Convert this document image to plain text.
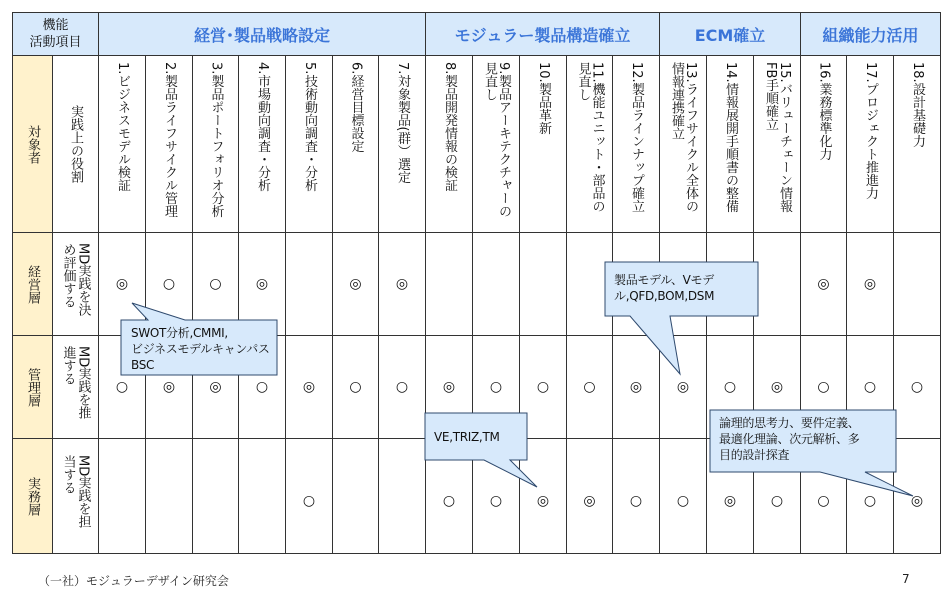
◎
○
○
○
◎
○
○
◎
◎
○
○
○
MD実践を担当する
実務層
○
○
○
◎
○
◎
◎
○
○
○
◎
○
○
◎
○
◎
◎
○
MD実践を推進する
管理層
◎
◎
◎
◎
◎
○
○
◎
MD実践を決め評価する
経営層
18.設計基礎力
17.プロジェクト推進力
16.業務標準化力
15.バリューチェーン情報FB手順確立
14.情報展開手順書の整備
13.ライフサイクル全体の情報連携確立
12.製品ラインナップ確立
11.機能ユニット・部品の見直し
10.製品革新
9.製品アーキテクチャーの見直し
8.製品開発情報の検証
7.対象製品(群）選定
6.経営目標設定
5.技術動向調査・分析
4.市場動向調査・分析
3.製品ポートフォリオ分析
2.製品ライフサイクル管理
1.ビジネスモデル検証
実践上の役割
対象者
組織能力活用
ECM確立
モジュラー製品構造確立
経営･製品戦略設定
機能
活動項目
（一社）モジュラーデザイン研究会	7
SWOT分析,CMMI,
ビジネスモデルキャンパス
BSC
製品モデル、Vモデ
ル,QFD,BOM,DSM
VE,TRIZ,TM
論理的思考力、要件定義、
最適化理論、次元解析、多
目的設計探査
